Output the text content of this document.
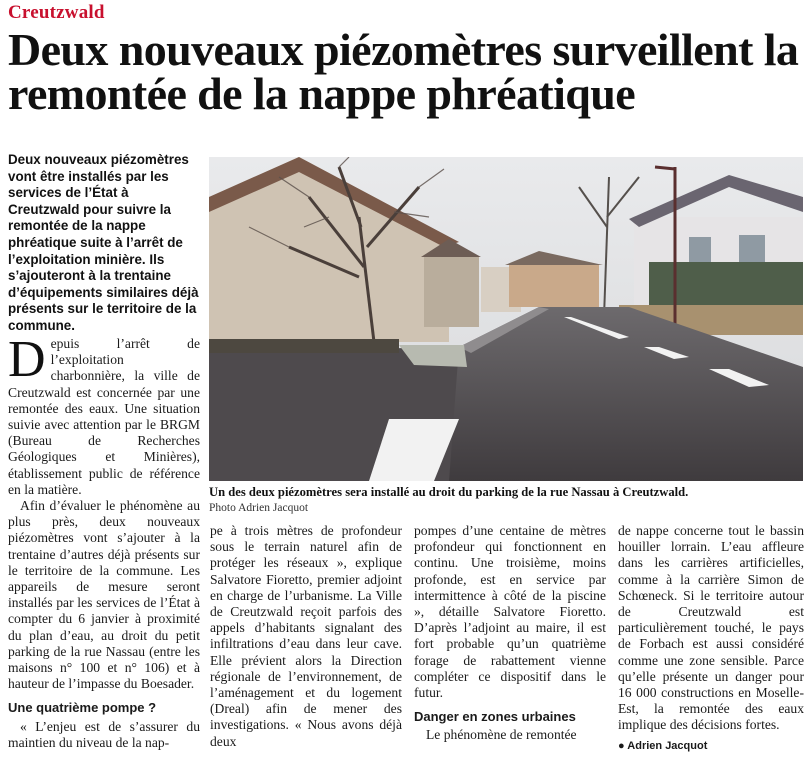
Creutzwald
Deux nouveaux piézomètres surveillent la remontée de la nappe phréatique

Deux nouveaux piézomètres vont être installés par les services de l’État à Creutzwald pour suivre la remontée de la nappe phréatique suite à l’arrêt de l’exploitation minière. Ils s’ajouteront à la trentaine d’équipements similaires déjà présents sur le territoire de la commune.

Un des deux piézomètres sera installé au droit du parking de la rue Nassau à Creutzwald.
Photo Adrien Jacquot

Depuis l’arrêt de l’exploitation charbonnière, la ville de Creutzwald est concernée par une remontée des eaux. Une situation suivie avec attention par le BRGM (Bureau de Recherches Géologiques et Minières), établissement public de référence en la matière.

Afin d’évaluer le phénomène au plus près, deux nouveaux piézomètres vont s’ajouter à la trentaine d’autres déjà présents sur le territoire de la commune. Les appareils de mesure seront installés par les services de l’État à compter du 6 janvier à proximité du plan d’eau, au droit du petit parking de la rue Nassau (entre les maisons n° 100 et n° 106) et à hauteur de l’impasse du Boesader.

Une quatrième pompe ?

« L’enjeu est de s’assurer du maintien du niveau de la nap-

pe à trois mètres de profondeur sous le terrain naturel afin de protéger les réseaux », explique Salvatore Fioretto, premier adjoint en charge de l’urbanisme. La Ville de Creutzwald reçoit parfois des appels d’habitants signalant des infiltrations d’eau dans leur cave. Elle prévient alors la Direction régionale de l’environnement, de l’aménagement et du logement (Dreal) afin de mener des investigations. « Nous avons déjà deux

pompes d’une centaine de mètres profondeur qui fonctionnent en continu. Une troisième, moins profonde, est en service par intermittence à côté de la piscine », détaille Salvatore Fioretto. D’après l’adjoint au maire, il est fort probable qu’un quatrième forage de rabattement vienne compléter ce dispositif dans le futur.

Danger en zones urbaines

Le phénomène de remontée

de nappe concerne tout le bassin houiller lorrain. L’eau affleure dans les carrières artificielles, comme à la carrière Simon de Schœneck. Si le territoire autour de Creutzwald est particulièrement touché, le pays de Forbach est aussi considéré comme une zone sensible. Parce qu’elle présente un danger pour 16 000 constructions en Moselle-Est, la remontée des eaux implique des décisions fortes.

● Adrien Jacquot
